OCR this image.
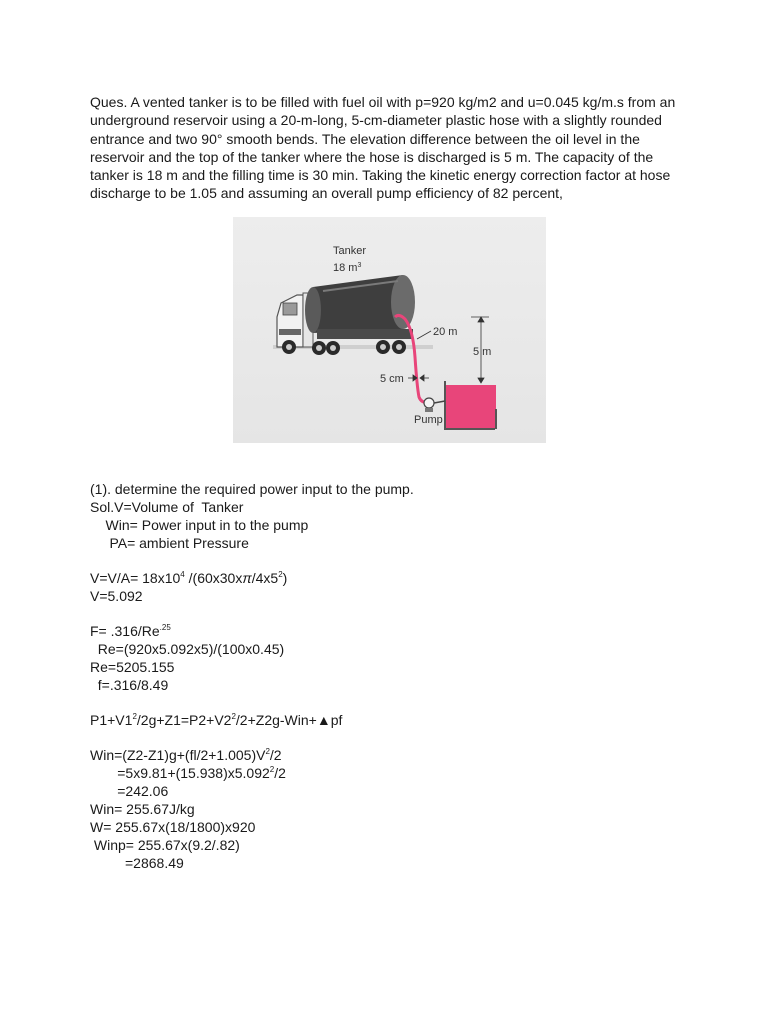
Ques. A vented tanker is to be filled with fuel oil with p=920 kg/m2 and u=0.045 kg/m.s from an underground reservoir using a 20-m-long, 5-cm-diameter plastic hose with a slightly rounded entrance and two 90° smooth bends. The elevation difference between the oil level in the reservoir and the top of the tanker where the hose is discharged is 5 m. The capacity of the tanker is 18 m and the filling time is 30 min. Taking the kinetic energy correction factor at hose discharge to be 1.05 and assuming an overall pump efficiency of 82 percent,

Tanker
18 $m^3$
20 m
5 m
5 cm
Pump
(1). determine the required power input to the pump.
Sol.V=Volume of  Tanker
Win= Power input in to the pump
PA= ambient Pressure
$V=V/A= 18x10^4$ $/(60x30x\pi/4x5^2)$
V=5.092
$F= .316/Re^{.25}$
Re=(920x5.092x5)/(100x0.45)
Re=5205.155
f=.316/8.49
$P1+V1^2/2g+Z1=P2+V2^2/2+Z2g-Win+▲pf$
$Win=(Z2-Z1)g+(fl/2+1.005)V^2/2$
$=5x9.81+(15.938)x5.092^2/2$
=242.06
Win= 255.67J/kg
W= 255.67x(18/1800)x920
Winp= 255.67x(9.2/.82)
=2868.49
